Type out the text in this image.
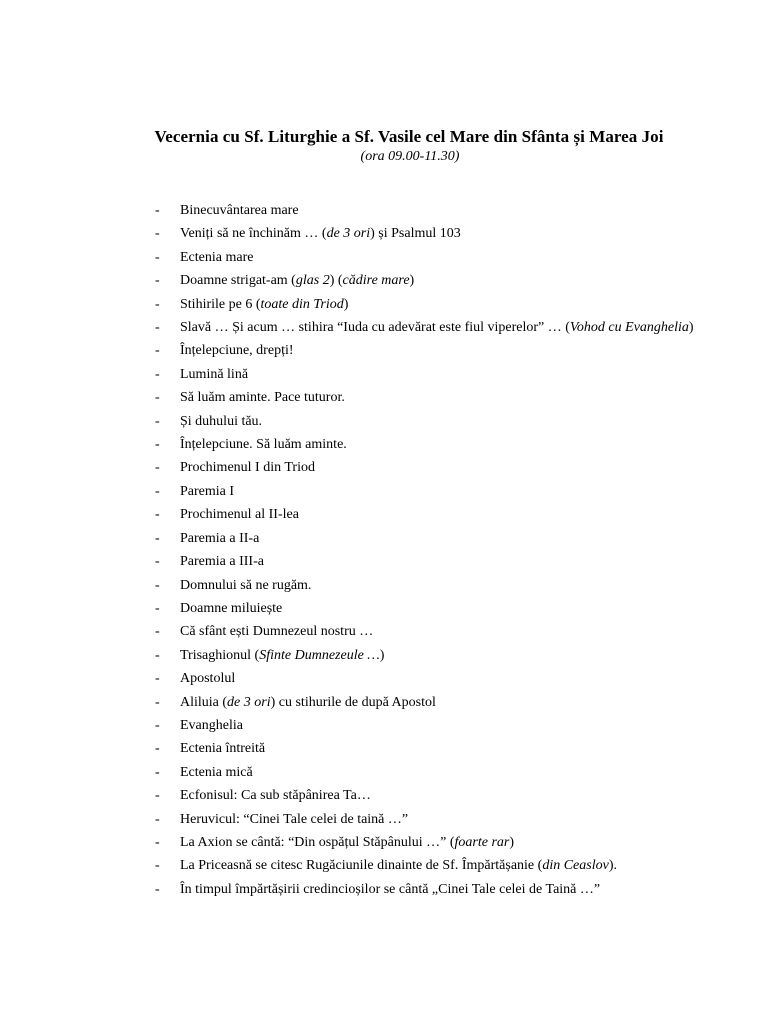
Vecernia cu Sf. Liturghie a Sf. Vasile cel Mare din Sfânta și Marea Joi
(ora 09.00-11.30)
- Binecuvântarea mare
- Veniți să ne închinăm … (de 3 ori) și Psalmul 103
- Ectenia mare
- Doamne strigat-am (glas 2) (cădire mare)
- Stihirile pe 6 (toate din Triod)
- Slavă … Și acum … stihira “Iuda cu adevărat este fiul viperelor” … (Vohod cu Evanghelia)
- Înțelepciune, drepți!
- Lumină lină
- Să luăm aminte. Pace tuturor.
- Și duhului tău.
- Înțelepciune. Să luăm aminte.
- Prochimenul I din Triod
- Paremia I
- Prochimenul al II-lea
- Paremia a II-a
- Paremia a III-a
- Domnului să ne rugăm.
- Doamne miluiește
- Că sfânt ești Dumnezeul nostru …
- Trisaghionul (Sfinte Dumnezeule …)
- Apostolul
- Aliluia (de 3 ori) cu stihurile de după Apostol
- Evanghelia
- Ectenia întreită
- Ectenia mică
- Ecfonisul: Ca sub stăpânirea Ta…
- Heruvicul: “Cinei Tale celei de taină …”
- La Axion se cântă: “Din ospățul Stăpânului …” (foarte rar)
- La Priceasnă se citesc Rugăciunile dinainte de Sf. Împărtășanie (din Ceaslov).
- În timpul împărtășirii credincioșilor se cântă „Cinei Tale celei de Taină …”
